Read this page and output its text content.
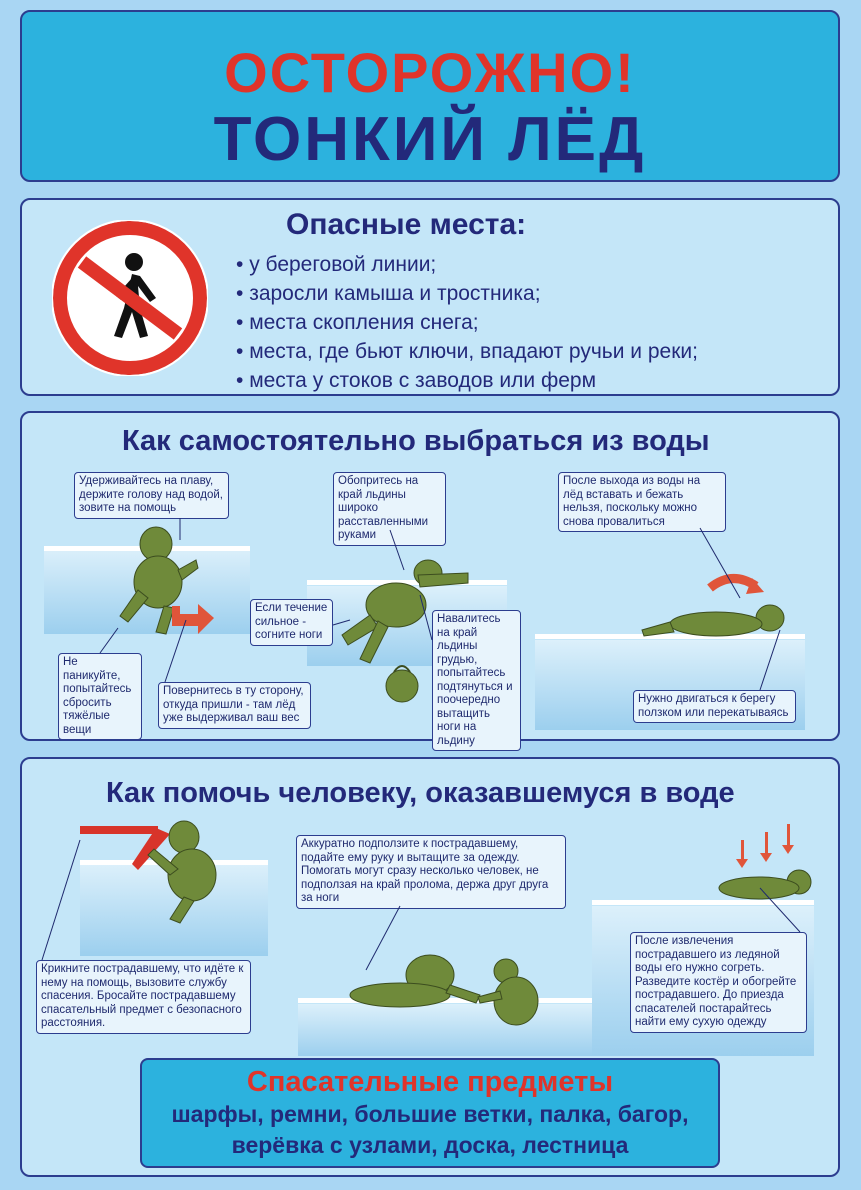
ОСТОРОЖНО!
ТОНКИЙ ЛЁД
Опасные места:
• у береговой линии;
• заросли камыша и тростника;
• места скопления снега;
• места, где бьют ключи, впадают ручьи и реки;
• места у стоков с заводов или ферм
Как самостоятельно выбраться из воды
Удерживайтесь на плаву, держите голову над водой, зовите на помощь
Обопритесь на край льдины широко расставленными руками
После выхода из воды на лёд вставать и бежать нельзя, поскольку можно снова провалиться
Если течение сильное - согните ноги
Навалитесь на край льдины грудью, попытайтесь подтянуться и поочередно вытащить ноги на льдину
Не паникуйте, попытайтесь сбросить тяжёлые вещи
Повернитесь в ту сторону, откуда пришли - там лёд уже выдерживал ваш вес
Нужно двигаться к берегу ползком или перекатываясь
Как помочь человеку, оказавшемуся в воде
Аккуратно подползите к пострадавшему, подайте ему руку и вытащите за одежду. Помогать могут сразу несколько человек, не подползая на край пролома, держа друг друга за ноги
Крикните пострадавшему, что идёте к нему на помощь, вызовите службу спасения. Бросайте пострадавшему спасательный предмет с безопасного расстояния.
После извлечения пострадавшего из ледяной воды его нужно согреть. Разведите костёр и обогрейте пострадавшего. До приезда спасателей постарайтесь найти ему сухую одежду
Спасательные предметы
шарфы, ремни, большие ветки, палка, багор,
верёвка с узлами, доска, лестница
